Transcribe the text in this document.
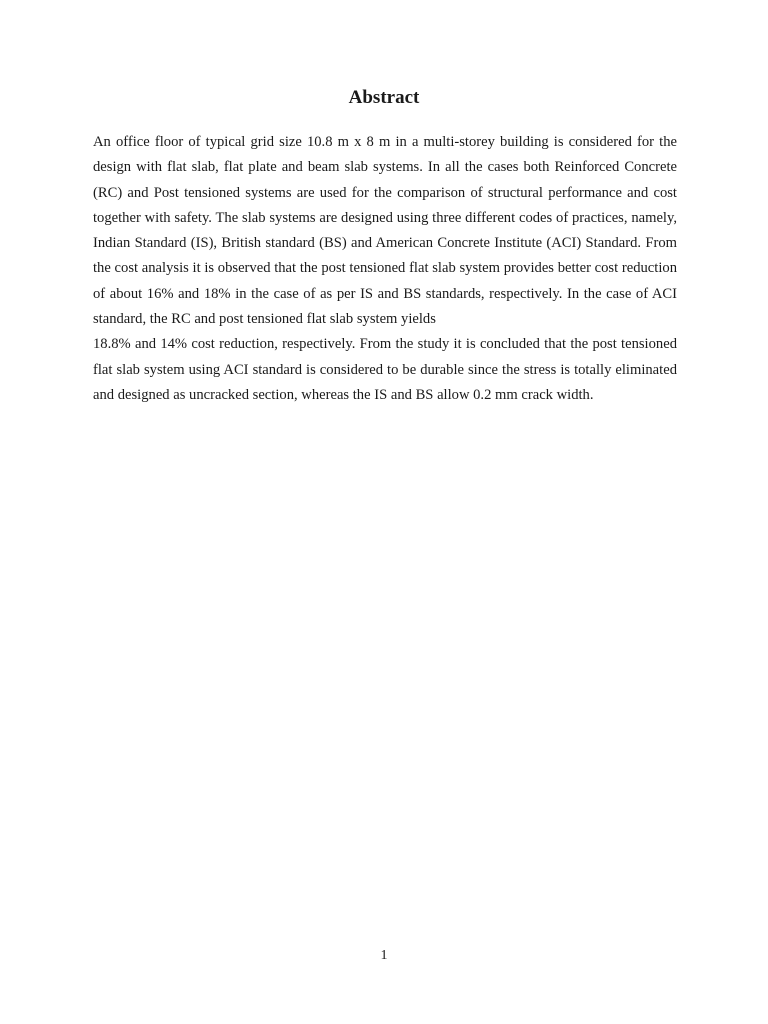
Abstract

An office floor of typical grid size 10.8 m x 8 m in a multi-storey building is considered for the design with flat slab, flat plate and beam slab systems. In all the cases both Reinforced Concrete (RC) and Post tensioned systems are used for the comparison of structural performance and cost together with safety. The slab systems are designed using three different codes of practices, namely, Indian Standard (IS), British standard (BS) and American Concrete Institute (ACI) Standard. From the cost analysis it is observed that the post tensioned flat slab system provides better cost reduction of about 16% and 18% in the case of as per IS and BS standards, respectively. In the case of ACI standard, the RC and post tensioned flat slab system yields

18.8% and 14% cost reduction, respectively. From the study it is concluded that the post tensioned flat slab system using ACI standard is considered to be durable since the stress is totally eliminated and designed as uncracked section, whereas the IS and BS allow 0.2 mm crack width.

1
